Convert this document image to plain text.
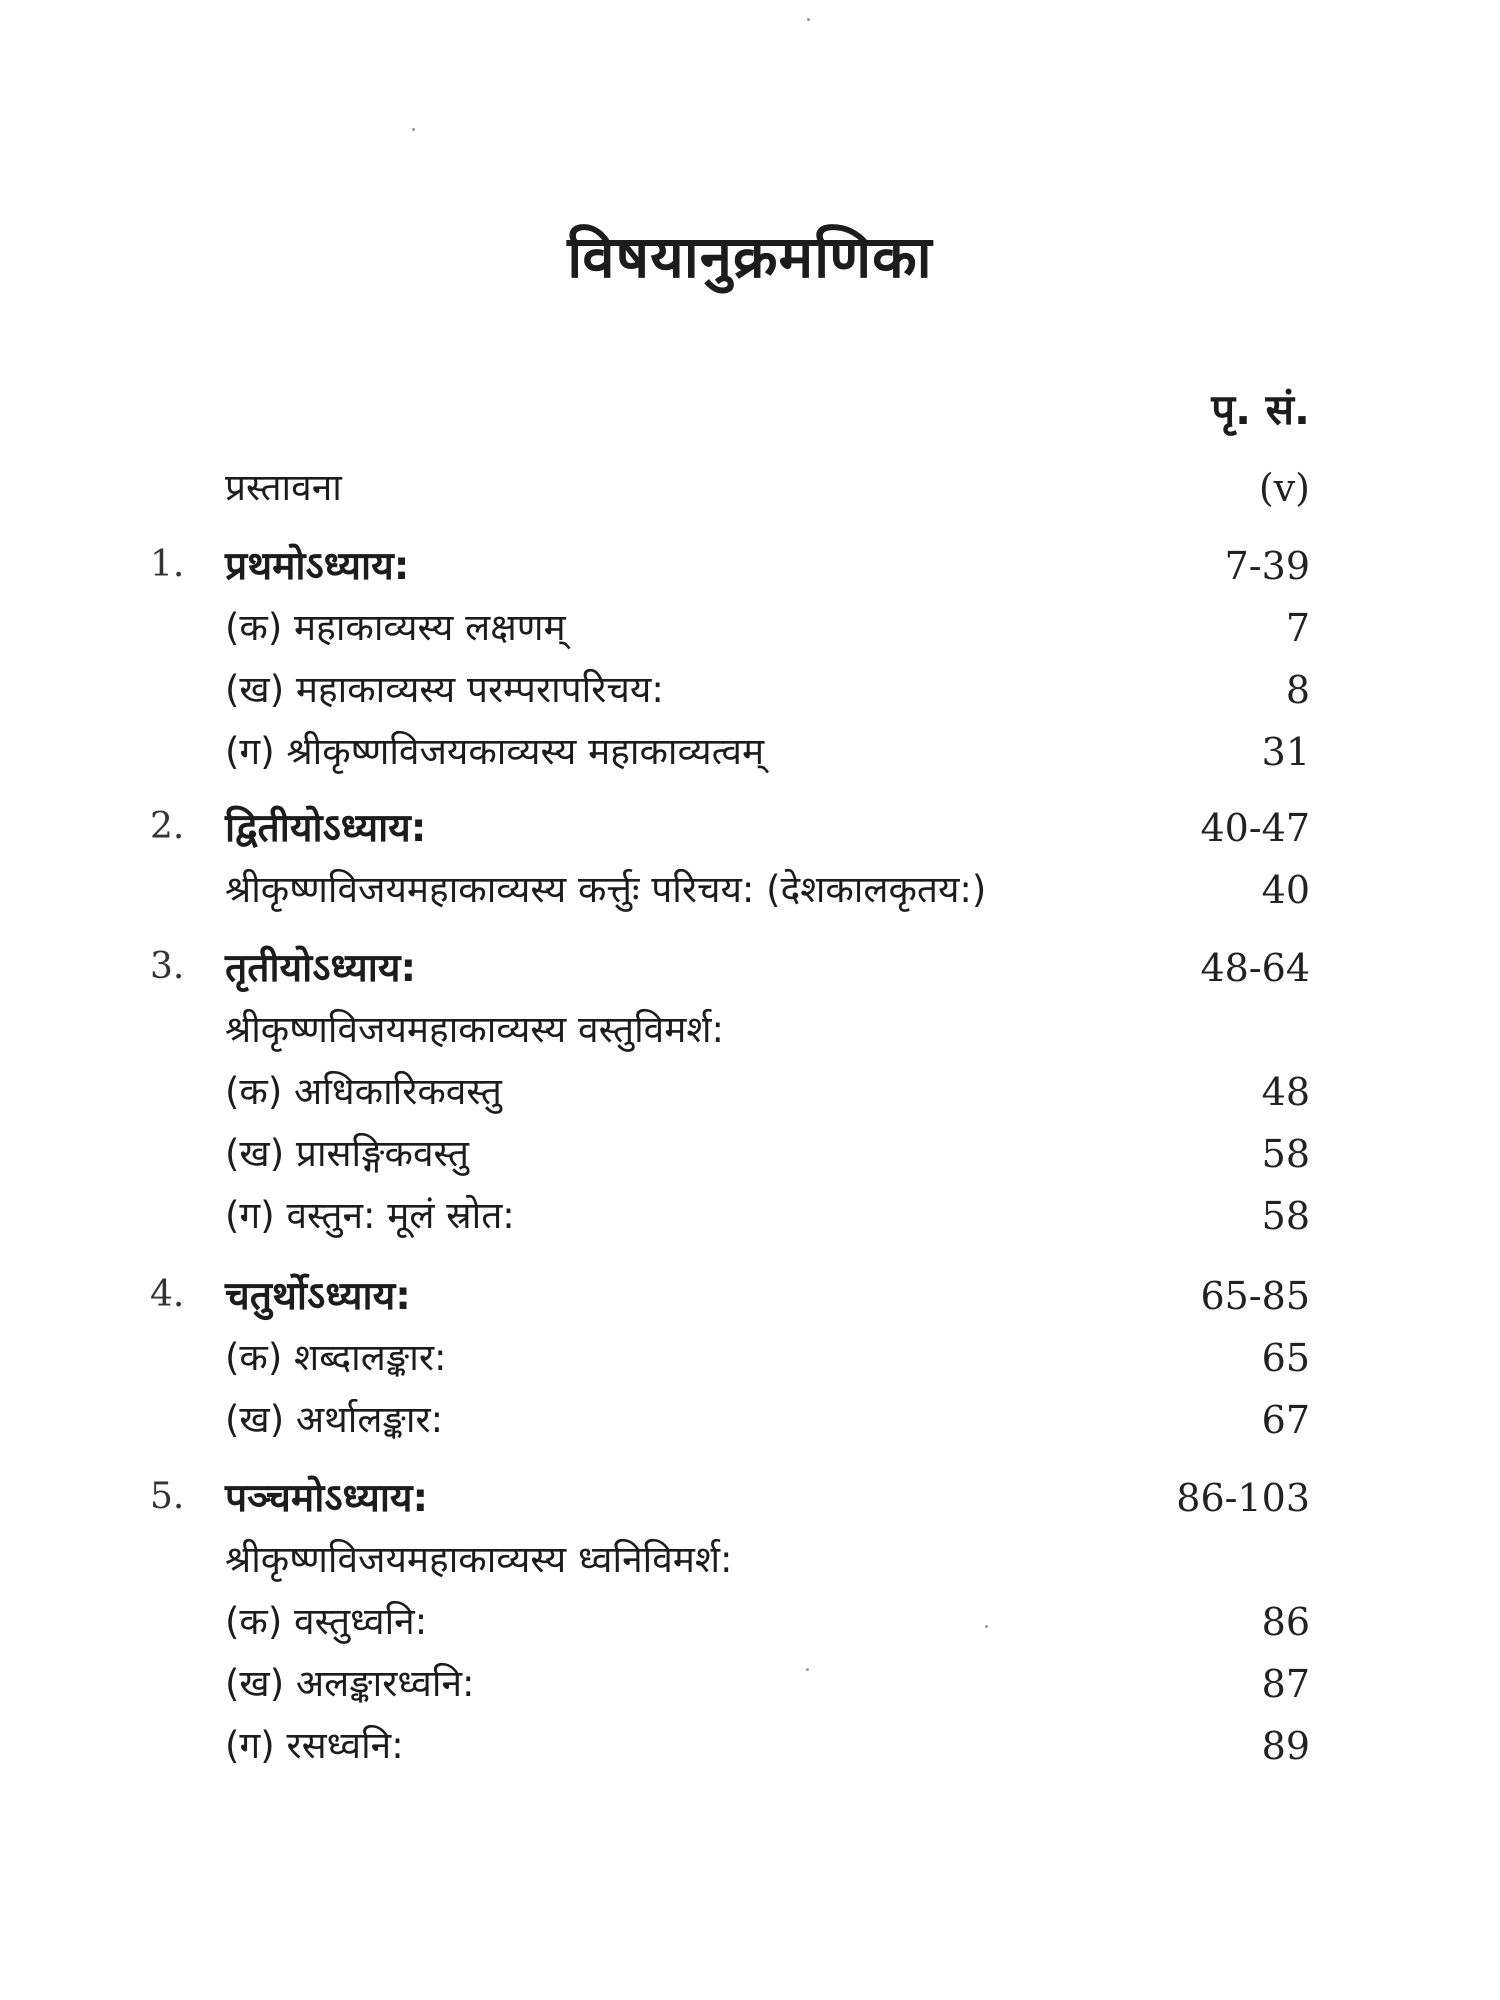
विषयानुक्रमणिका
पृ. सं.
प्रस्तावना	(v)
1. प्रथमोऽध्याय:	7-39
(क) महाकाव्यस्य लक्षणम्	7
(ख) महाकाव्यस्य परम्परापरिचय:	8
(ग) श्रीकृष्णविजयकाव्यस्य महाकाव्यत्वम्	31
2. द्वितीयोऽध्याय:	40-47
श्रीकृष्णविजयमहाकाव्यस्य कर्त्तुः परिचय: (देशकालकृतय:)	40
3. तृतीयोऽध्याय:	48-64
श्रीकृष्णविजयमहाकाव्यस्य वस्तुविमर्श:
(क) अधिकारिकवस्तु	48
(ख) प्रासङ्गिकवस्तु	58
(ग) वस्तुन: मूलं स्रोत:	58
4. चतुर्थोऽध्याय:	65-85
(क) शब्दालङ्कार:	65
(ख) अर्थालङ्कार:	67
5. पञ्चमोऽध्याय:	86-103
श्रीकृष्णविजयमहाकाव्यस्य ध्वनिविमर्श:
(क) वस्तुध्वनि:	86
(ख) अलङ्कारध्वनि:	87
(ग) रसध्वनि:	89
